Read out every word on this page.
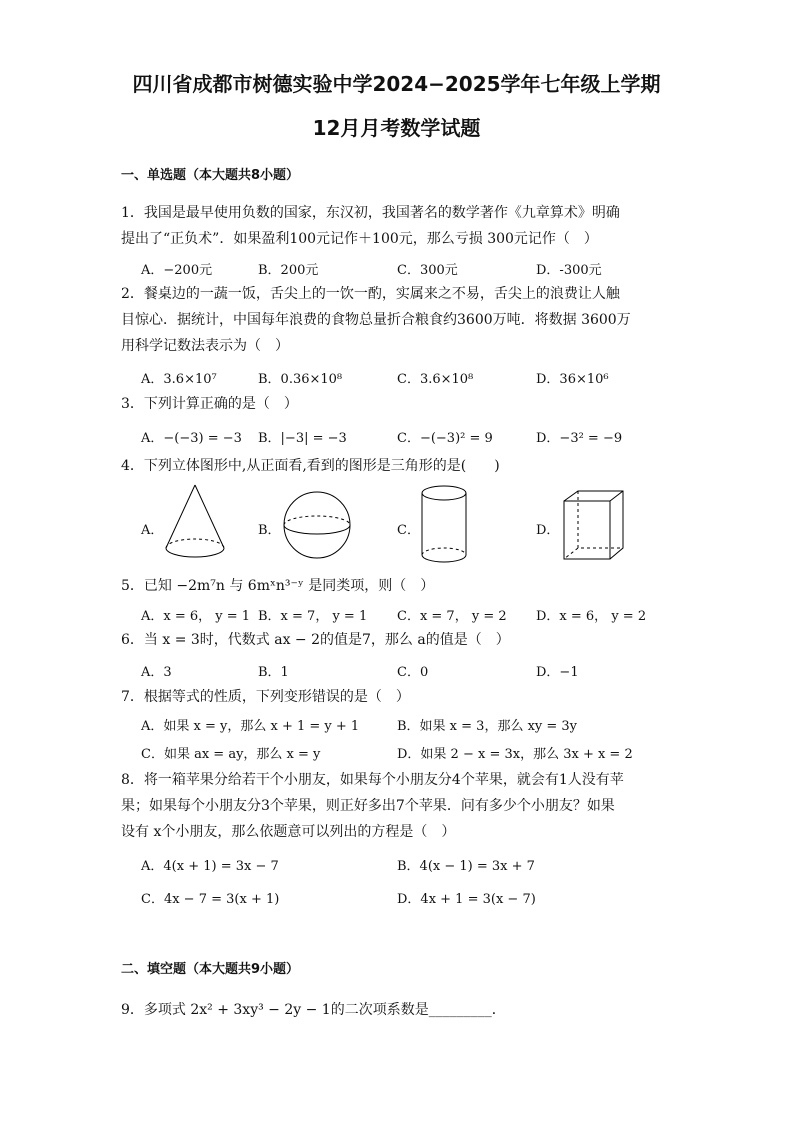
四川省成都市树德实验中学2024−2025学年七年级上学期
12月月考数学试题
一、单选题（本大题共8小题）
1．我国是最早使用负数的国家，东汉初，我国著名的数学著作《九章算术》明确
提出了“正负术”．如果盈利100元记作＋100元，那么亏损 300元记作（　）
A．−200元	B．200元	C．300元	D．-300元
2．餐桌边的一蔬一饭，舌尖上的一饮一酌，实属来之不易，舌尖上的浪费让人触
目惊心．据统计，中国每年浪费的食物总量折合粮食约3600万吨．将数据 3600万
用科学记数法表示为（　）
A．3.6×10⁷	B．0.36×10⁸	C．3.6×10⁸	D．36×10⁶
3．下列计算正确的是（　）
A．−(−3) = −3 B．|−3| = −3	C．−(−3)² = 9	D．−3² = −9
4．下列立体图形中,从正面看,看到的图形是三角形的是(　　)
A．	B．	C．	D．
5．已知 −2m⁷n 与 6mˣn³⁻ʸ 是同类项，则（　）
A．x = 6， y = 1 B．x = 7， y = 1 C．x = 7， y = 2 D．x = 6， y = 2
6．当 x = 3时，代数式 ax − 2的值是7，那么 a的值是（　）
A．3	B．1	C．0	D．−1
7．根据等式的性质，下列变形错误的是（　）
A．如果 x = y，那么 x + 1 = y + 1	B．如果 x = 3，那么 xy = 3y
C．如果 ax = ay，那么 x = y	D．如果 2 − x = 3x，那么 3x + x = 2
8．将一箱苹果分给若干个小朋友，如果每个小朋友分4个苹果，就会有1人没有苹
果；如果每个小朋友分3个苹果，则正好多出7个苹果．问有多少个小朋友？如果
设有 x个小朋友，那么依题意可以列出的方程是（　）
A．4(x + 1) = 3x − 7	B．4(x − 1) = 3x + 7
C．4x − 7 = 3(x + 1)	D．4x + 1 = 3(x − 7)
二、填空题（本大题共9小题）
9．多项式 2x² + 3xy³ − 2y − 1的二次项系数是_________．
